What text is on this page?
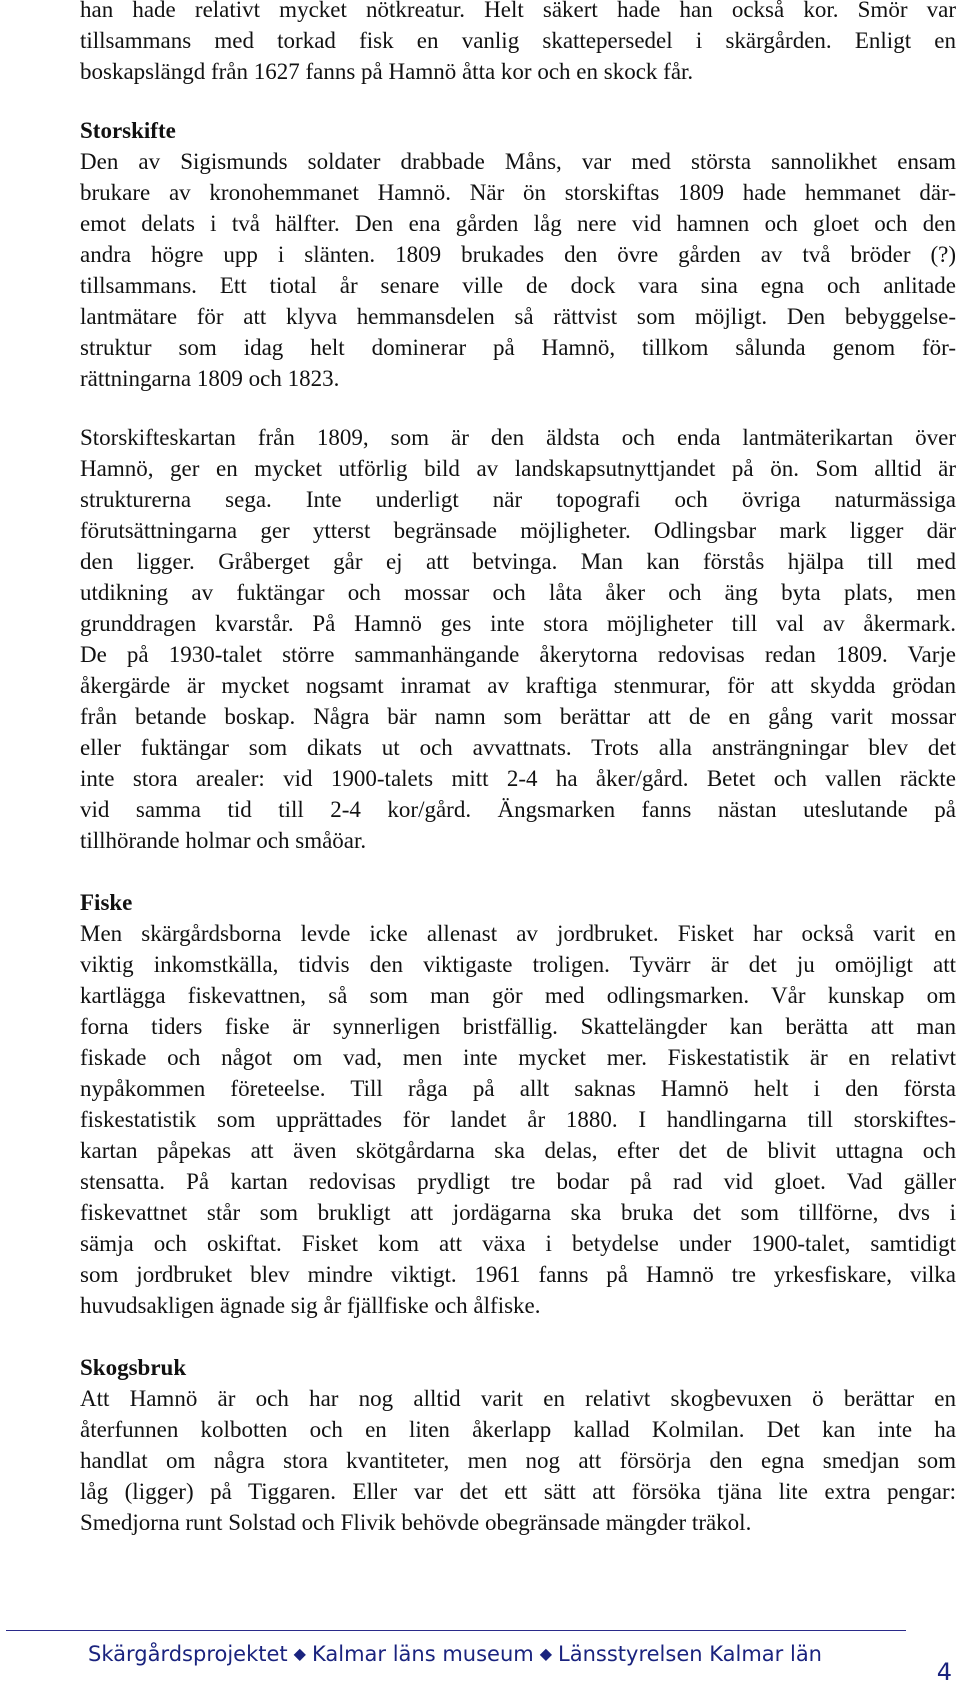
han hade relativt mycket nötkreatur. Helt säkert hade han också kor. Smör var
tillsammans med torkad fisk en vanlig skattepersedel i skärgården. Enligt en
boskapslängd från 1627 fanns på Hamnö åtta kor och en skock får.
Storskifte
Den av Sigismunds soldater drabbade Måns, var med största sannolikhet ensam
brukare av kronohemmanet Hamnö. När ön storskiftas 1809 hade hemmanet där-
emot delats i två hälfter. Den ena gården låg nere vid hamnen och gloet och den
andra högre upp i slänten. 1809 brukades den övre gården av två bröder (?)
tillsammans. Ett tiotal år senare ville de dock vara sina egna och anlitade
lantmätare för att klyva hemmansdelen så rättvist som möjligt. Den bebyggelse-
struktur som idag helt dominerar på Hamnö, tillkom sålunda genom för-
rättningarna 1809 och 1823.
Storskifteskartan från 1809, som är den äldsta och enda lantmäterikartan över
Hamnö, ger en mycket utförlig bild av landskapsutnyttjandet på ön. Som alltid är
strukturerna sega. Inte underligt när topografi och övriga naturmässiga
förutsättningarna ger ytterst begränsade möjligheter. Odlingsbar mark ligger där
den ligger. Gråberget går ej att betvinga. Man kan förstås hjälpa till med
utdikning av fuktängar och mossar och låta åker och äng byta plats, men
grunddragen kvarstår. På Hamnö ges inte stora möjligheter till val av åkermark.
De på 1930-talet större sammanhängande åkerytorna redovisas redan 1809. Varje
åkergärde är mycket nogsamt inramat av kraftiga stenmurar, för att skydda grödan
från betande boskap. Några bär namn som berättar att de en gång varit mossar
eller fuktängar som dikats ut och avvattnats. Trots alla ansträngningar blev det
inte stora arealer: vid 1900-talets mitt 2-4 ha åker/gård. Betet och vallen räckte
vid samma tid till 2-4 kor/gård. Ängsmarken fanns nästan uteslutande på
tillhörande holmar och småöar.
Fiske
Men skärgårdsborna levde icke allenast av jordbruket. Fisket har också varit en
viktig inkomstkälla, tidvis den viktigaste troligen. Tyvärr är det ju omöjligt att
kartlägga fiskevattnen, så som man gör med odlingsmarken. Vår kunskap om
forna tiders fiske är synnerligen bristfällig. Skattelängder kan berätta att man
fiskade och något om vad, men inte mycket mer. Fiskestatistik är en relativt
nypåkommen företeelse. Till råga på allt saknas Hamnö helt i den första
fiskestatistik som upprättades för landet år 1880. I handlingarna till storskiftes-
kartan påpekas att även skötgårdarna ska delas, efter det de blivit uttagna och
stensatta. På kartan redovisas prydligt tre bodar på rad vid gloet. Vad gäller
fiskevattnet står som brukligt att jordägarna ska bruka det som tillförne, dvs i
sämja och oskiftat. Fisket kom att växa i betydelse under 1900-talet, samtidigt
som jordbruket blev mindre viktigt. 1961 fanns på Hamnö tre yrkesfiskare, vilka
huvudsakligen ägnade sig år fjällfiske och ålfiske.
Skogsbruk
Att Hamnö är och har nog alltid varit en relativt skogbevuxen ö berättar en
återfunnen kolbotten och en liten åkerlapp kallad Kolmilan. Det kan inte ha
handlat om några stora kvantiteter, men nog att försörja den egna smedjan som
låg (ligger) på Tiggaren. Eller var det ett sätt att försöka tjäna lite extra pengar:
Smedjorna runt Solstad och Flivik behövde obegränsade mängder träkol.
Skärgårdsprojektet ◆ Kalmar läns museum ◆ Länsstyrelsen Kalmar län
4
